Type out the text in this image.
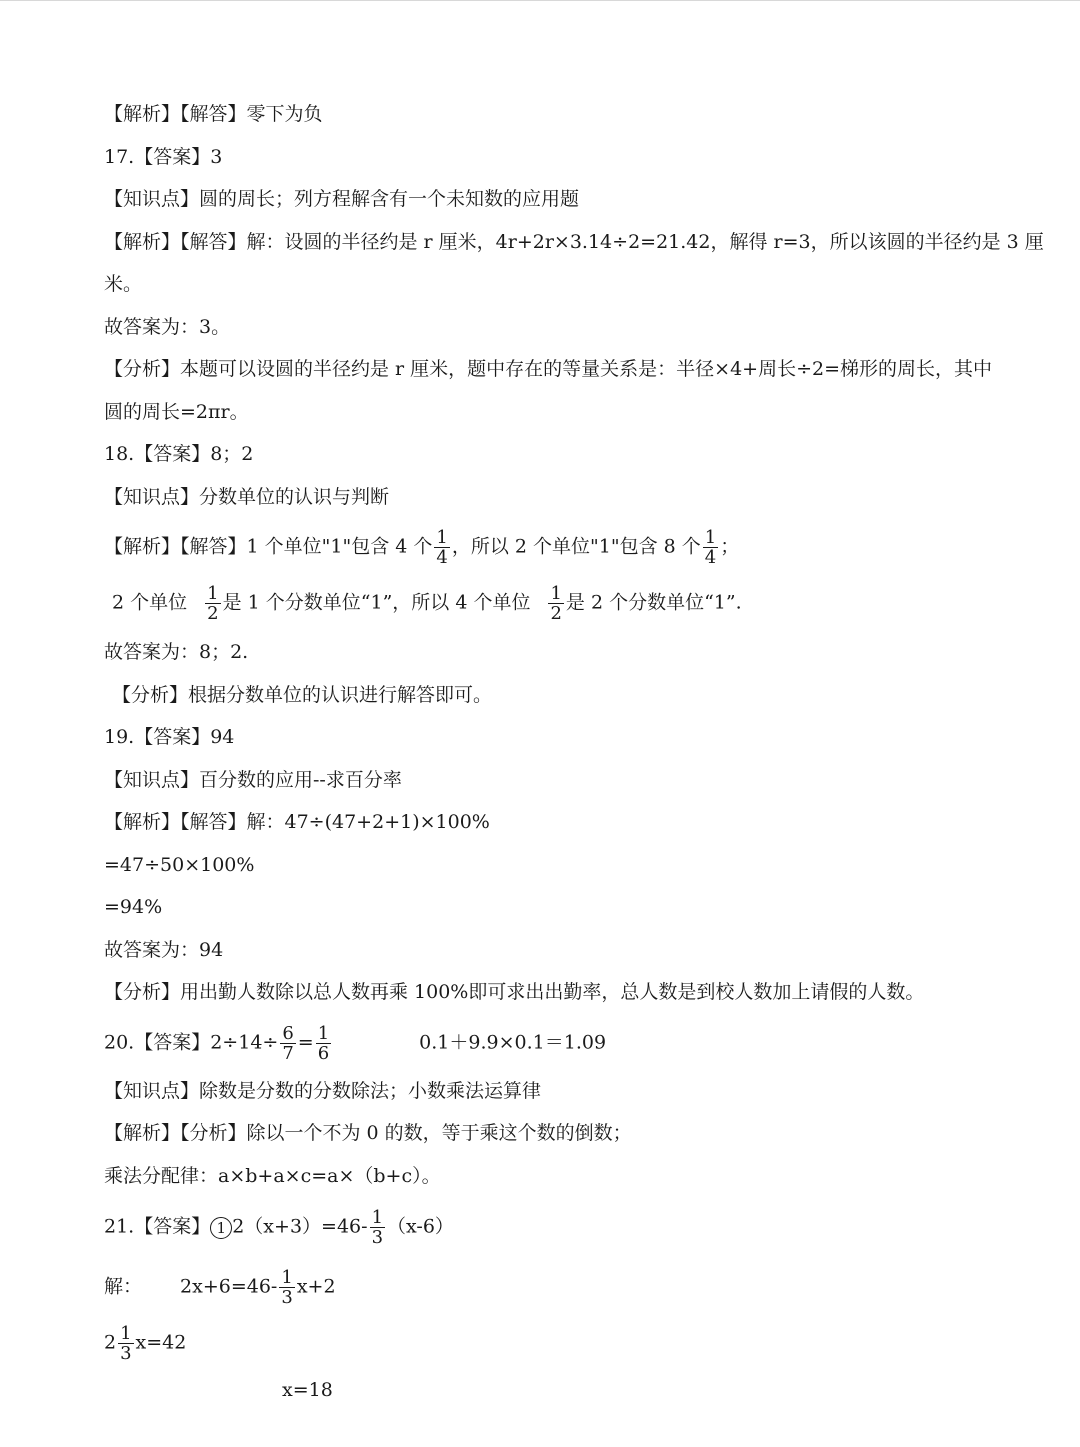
【解析】【解答】零下为负
17.【答案】3
【知识点】圆的周长；列方程解含有一个未知数的应用题
【解析】【解答】解：设圆的半径约是 r 厘米，4r+2r×3.14÷2=21.42，解得 r=3，所以该圆的半径约是 3 厘
米。
故答案为：3。
【分析】本题可以设圆的半径约是 r 厘米，题中存在的等量关系是：半径×4+周长÷2=梯形的周长，其中
圆的周长=2πr。
18.【答案】8；2
【知识点】分数单位的认识与判断
【解析】【解答】1 个单位"1"包含 4 个 $\frac{1}{4}$ ，所以 2 个单位"1"包含 8 个 $\frac{1}{4}$ ；
2 个单位 $\frac{1}{2}$ 是 1 个分数单位“1”，所以 4 个单位 $\frac{1}{2}$ 是 2 个分数单位“1”.
故答案为：8；2.
【分析】根据分数单位的认识进行解答即可。
19.【答案】94
【知识点】百分数的应用--求百分率
【解析】【解答】解：47÷(47+2+1)×100%
=47÷50×100%
=94%
故答案为：94
【分析】用出勤人数除以总人数再乘 100%即可求出出勤率，总人数是到校人数加上请假的人数。
20.【答案】$2\div 14\div \frac{6}{7} = \frac{1}{6}$	0.1＋9.9×0.1＝1.09
【知识点】除数是分数的分数除法；小数乘法运算律
【解析】【分析】除以一个不为 0 的数，等于乘这个数的倒数；
乘法分配律：a×b+a×c=a×（b+c）。
21.【答案】 1 $2(x+3)=46- \frac{1}{3} (x-6)$
解： $2x+6=46- \frac{1}{3} x+2$
$2 \frac{1}{3} x=42$
x=18
